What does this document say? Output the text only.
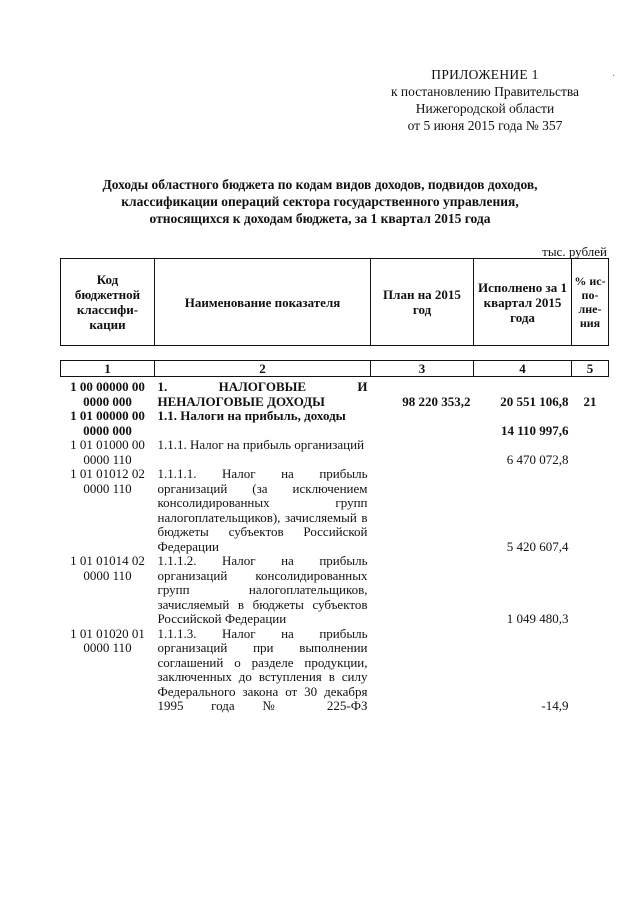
ПРИЛОЖЕНИЕ 1
к постановлению Правительства
Нижегородской области
от 5 июня 2015 года № 357
·
Доходы областного бюджета по кодам видов доходов, подвидов доходов,
классификации операций сектора государственного управления,
относящихся к доходам бюджета, за 1 квартал 2015 года
тыс. рублей
Код бюджетной классифи-кации	Наименование показателя	План на 2015 год	Исполнено за 1 квартал 2015 года	% ис-по-лне-ния

1	2	3	4	5
1 00 00000 00 0000 000	1. НАЛОГОВЫЕ И НЕНАЛОГОВЫЕ ДОХОДЫ	98 220 353,2	20 551 106,8	21
1 01 00000 00 0000 000	1.1. Налоги на прибыль, доходы		14 110 997,6	
1 01 01000 00 0000 110	1.1.1. Налог на прибыль организаций		6 470 072,8	
1 01 01012 02 0000 110	1.1.1.1. Налог на прибыль организаций (за исключением консолидированных групп налогоплательщиков), зачисляемый в бюджеты субъектов Российской Федерации		5 420 607,4	
1 01 01014 02 0000 110	1.1.1.2. Налог на прибыль организаций консолидированных групп налогоплательщиков, зачисляемый в бюджеты субъектов Российской Федерации		1 049 480,3	
1 01 01020 01 0000 110	1.1.1.3. Налог на прибыль организаций при выполнении соглашений о разделе продукции, заключенных до вступления в силу Федерального закона от 30 декабря 1995 года № 225-ФЗ		-14,9	
